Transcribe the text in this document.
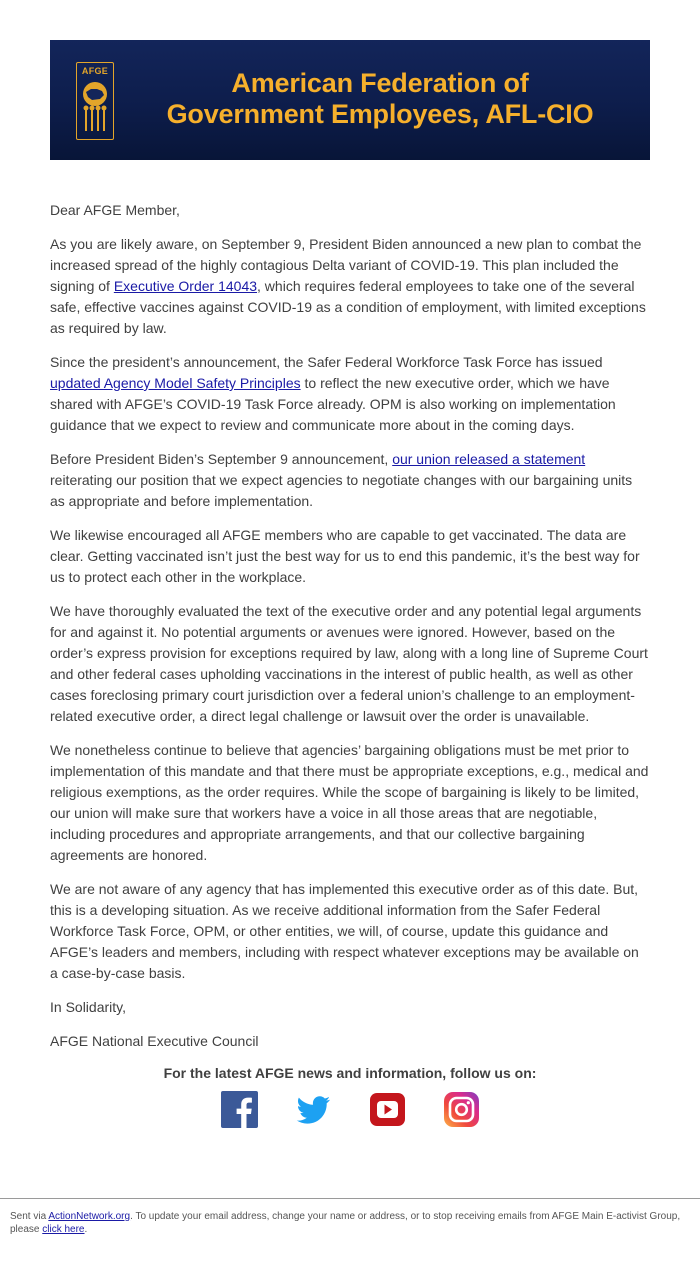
AFGE	American Federation of
Government Employees, AFL-CIO

Dear AFGE Member,

As you are likely aware, on September 9, President Biden announced a new plan to combat the increased spread of the highly contagious Delta variant of COVID-19. This plan included the signing of Executive Order 14043, which requires federal employees to take one of the several safe, effective vaccines against COVID-19 as a condition of employment, with limited exceptions as required by law.

Since the president’s announcement, the Safer Federal Workforce Task Force has issued updated Agency Model Safety Principles to reflect the new executive order, which we have shared with AFGE’s COVID-19 Task Force already. OPM is also working on implementation guidance that we expect to review and communicate more about in the coming days.

Before President Biden’s September 9 announcement, our union released a statement reiterating our position that we expect agencies to negotiate changes with our bargaining units as appropriate and before implementation.

We likewise encouraged all AFGE members who are capable to get vaccinated. The data are clear. Getting vaccinated isn’t just the best way for us to end this pandemic, it’s the best way for us to protect each other in the workplace.

We have thoroughly evaluated the text of the executive order and any potential legal arguments for and against it. No potential arguments or avenues were ignored. However, based on the order’s express provision for exceptions required by law, along with a long line of Supreme Court and other federal cases upholding vaccinations in the interest of public health, as well as other cases foreclosing primary court jurisdiction over a federal union’s challenge to an employment-related executive order, a direct legal challenge or lawsuit over the order is unavailable.

We nonetheless continue to believe that agencies’ bargaining obligations must be met prior to implementation of this mandate and that there must be appropriate exceptions, e.g., medical and religious exemptions, as the order requires. While the scope of bargaining is likely to be limited, our union will make sure that workers have a voice in all those areas that are negotiable, including procedures and appropriate arrangements, and that our collective bargaining agreements are honored.

We are not aware of any agency that has implemented this executive order as of this date. But, this is a developing situation. As we receive additional information from the Safer Federal Workforce Task Force, OPM, or other entities, we will, of course, update this guidance and AFGE’s leaders and members, including with respect whatever exceptions may be available on a case-by-case basis.

In Solidarity,

AFGE National Executive Council

For the latest AFGE news and information, follow us on:
Sent via ActionNetwork.org. To update your email address, change your name or address, or to stop receiving emails from AFGE Main E-activist Group, please click here.
